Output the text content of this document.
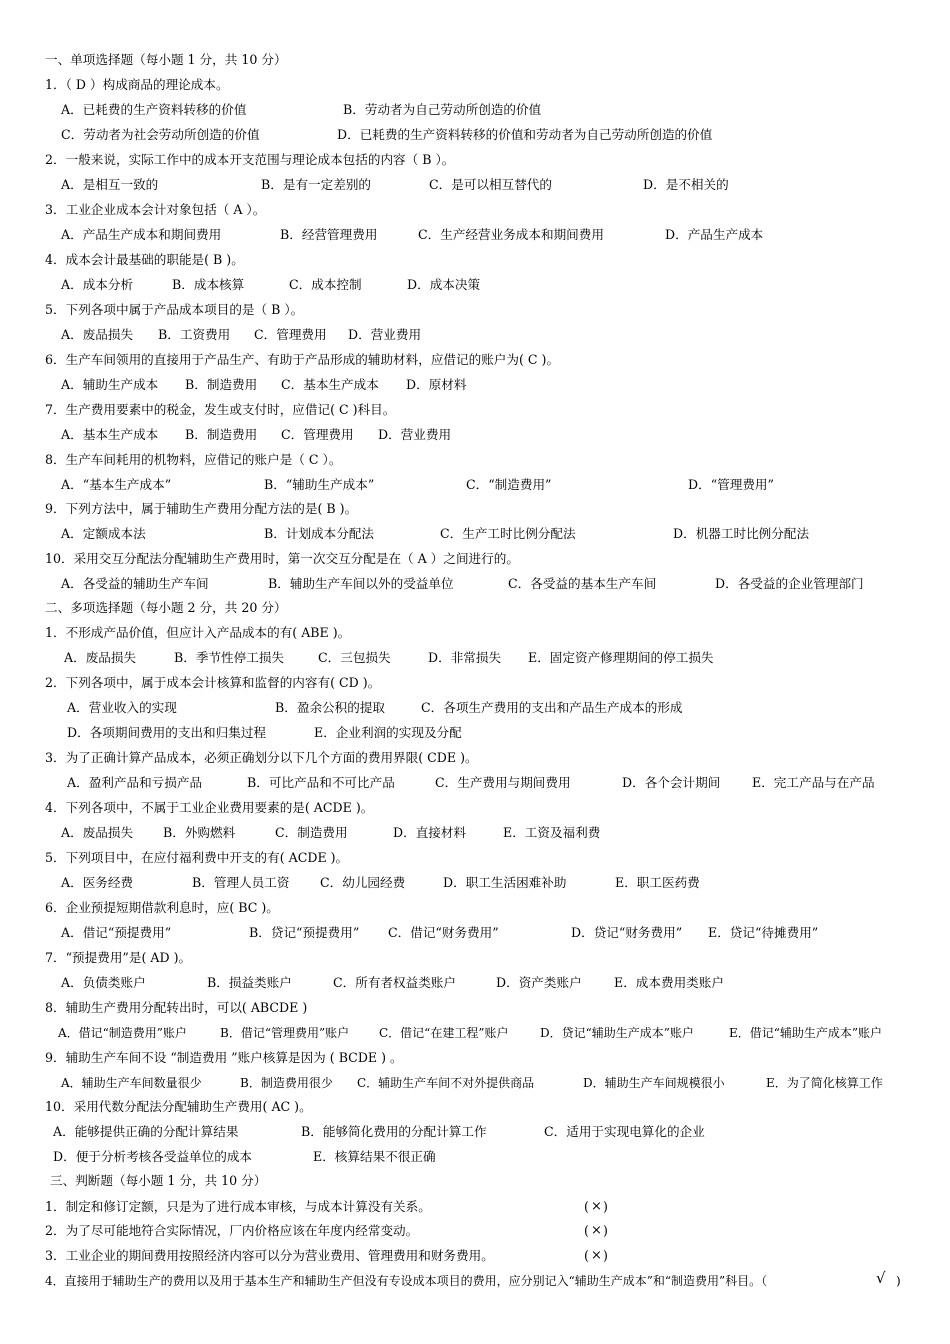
一、单项选择题（每小题 1 分，共 10 分）
1．（ D ）构成商品的理论成本。
A．已耗费的生产资料转移的价值	B．劳动者为自己劳动所创造的价值
C．劳动者为社会劳动所创造的价值	D．已耗费的生产资料转移的价值和劳动者为自己劳动所创造的价值
2．一般来说，实际工作中的成本开支范围与理论成本包括的内容（ B ）。
A．是相互一致的	B．是有一定差别的	C．是可以相互替代的	D．是不相关的
3．工业企业成本会计对象包括（ A ）。
A．产品生产成本和期间费用	B．经营管理费用	C．生产经营业务成本和期间费用	D．产品生产成本
4．成本会计最基础的职能是( B )。
A．成本分析	B．成本核算	C．成本控制	D．成本决策
5．下列各项中属于产品成本项目的是（ B ）。
A．废品损失 B．工资费用 C．管理费用 D．营业费用
6．生产车间领用的直接用于产品生产、有助于产品形成的辅助材料，应借记的账户为( C )。
A．辅助生产成本 B．制造费用 C．基本生产成本 D．原材料
7．生产费用要素中的税金，发生或支付时，应借记( C )科目。
A．基本生产成本 B．制造费用 C．管理费用 D．营业费用
8．生产车间耗用的机物料，应借记的账户是（ C ）。
A．“基本生产成本”	B．“辅助生产成本”	C．“制造费用”	D．“管理费用”
9．下列方法中，属于辅助生产费用分配方法的是( B )。
A．定额成本法	B．计划成本分配法	C．生产工时比例分配法	D．机器工时比例分配法
10．采用交互分配法分配辅助生产费用时，第一次交互分配是在（ A ）之间进行的。
A．各受益的辅助生产车间	B．辅助生产车间以外的受益单位	C．各受益的基本生产车间	D．各受益的企业管理部门
二、多项选择题（每小题 2 分，共 20 分）
1．不形成产品价值，但应计入产品成本的有( ABE )。
A．废品损失	B．季节性停工损失	C．三包损失	D．非常损失 E．固定资产修理期间的停工损失
2．下列各项中，属于成本会计核算和监督的内容有( CD )。
A．营业收入的实现	B．盈余公积的提取	C．各项生产费用的支出和产品生产成本的形成
D．各项期间费用的支出和归集过程	E．企业利润的实现及分配
3．为了正确计算产品成本，必须正确划分以下几个方面的费用界限( CDE )。
A．盈利产品和亏损产品	B．可比产品和不可比产品	C．生产费用与期间费用	D．各个会计期间	E．完工产品与在产品
4．下列各项中，不属于工业企业费用要素的是( ACDE )。
A．废品损失 B．外购燃料	C．制造费用	D．直接材料	E．工资及福利费
5．下列项目中，在应付福利费中开支的有( ACDE )。
A．医务经费	B．管理人员工资 C．幼儿园经费	D．职工生活困难补助	E．职工医药费
6．企业预提短期借款利息时，应( BC )。
A．借记“预提费用”	B．贷记“预提费用” C．借记“财务费用”	D．贷记“财务费用” E．贷记“待摊费用”
7．“预提费用”是( AD )。
A．负债类账户	B．损益类账户	C．所有者权益类账户	D．资产类账户	E．成本费用类账户
8．辅助生产费用分配转出时，可以( ABCDE )
A．借记“制造费用”账户	B．借记“管理费用”账户 C．借记“在建工程”账户	D．贷记“辅助生产成本”账户	E．借记“辅助生产成本”账户
9．辅助生产车间不设 “制造费用 ”账户核算是因为 ( BCDE ) 。
A．辅助生产车间数量很少	B．制造费用很少 C．辅助生产车间不对外提供商品	D．辅助生产车间规模很小	E．为了简化核算工作
10．采用代数分配法分配辅助生产费用( AC )。
A．能够提供正确的分配计算结果	B．能够简化费用的分配计算工作	C．适用于实现电算化的企业
D．便于分析考核各受益单位的成本	E．核算结果不很正确
三、判断题（每小题 1 分，共 10 分）
1．制定和修订定额，只是为了进行成本审核，与成本计算没有关系。	( × )
2．为了尽可能地符合实际情况，厂内价格应该在年度内经常变动。	( × )
3．工业企业的期间费用按照经济内容可以分为营业费用、管理费用和财务费用。	( × )
4．直接用于辅助生产的费用以及用于基本生产和辅助生产但没有专设成本项目的费用，应分别记入“辅助生产成本”和“制造费用”科目。（	√ )
